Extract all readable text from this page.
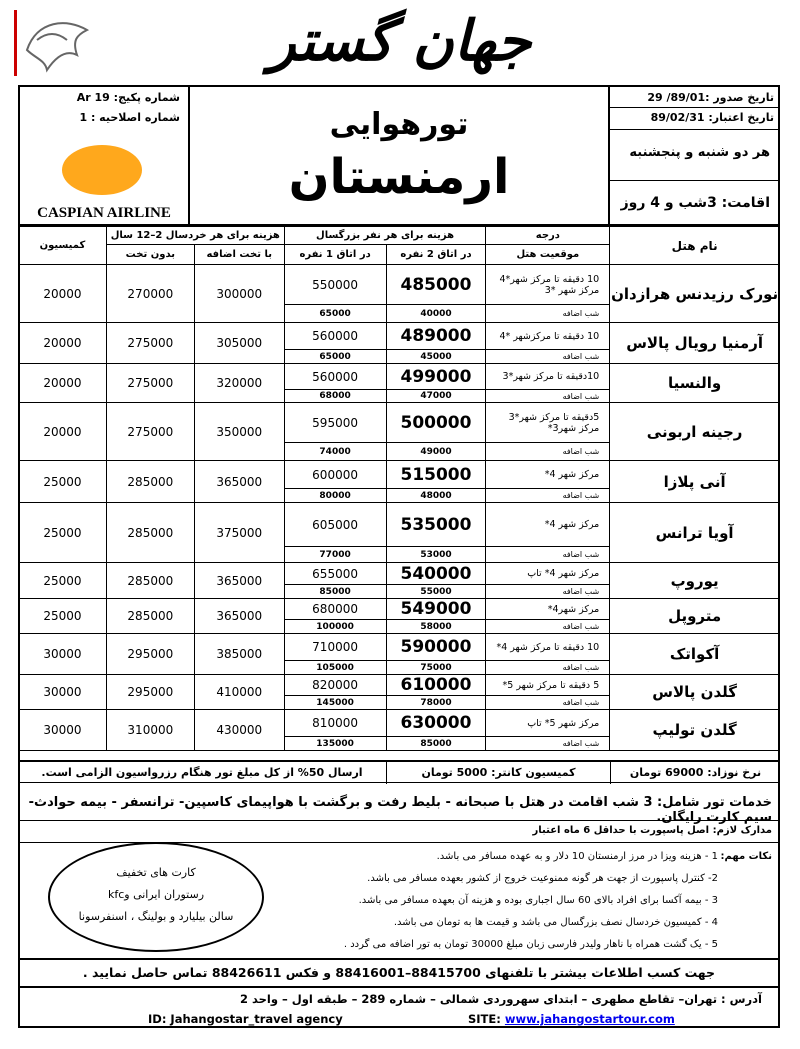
جهان گستر
شماره پکیج: Ar 19
شماره اصلاحیه : 1
CASPIAN AIRLINE
تورهوایی
ارمنستان
تاریخ صدور :89/01/ 29
تاریخ اعتبار: 89/02/31
هر دو شنبه و پنجشنبه
اقامت: 3شب و 4 روز
کمیسیون	هزینه برای هر خردسال 2–12 سال		هزینه برای هر نفر بزرگسال		درجه	نام هتل
	بدون تخت	با تخت اضافه	در اتاق 1 نفره	در اتاق 2 نفره	موقعیت هتل	
20000	270000	300000	550000	485000	10 دقیقه تا مرکز شهر*4 مرکز شهر *3	نورک رزیدنس هرازدان
			65000	40000	شب اضافه	
20000	275000	305000	560000	489000	10 دقیقه تا مرکزشهر *4	آرمنیا رویال پالاس
			65000	45000	شب اضافه	
20000	275000	320000	560000	499000	10دقیقه تا مرکز شهر*3	والنسیا
			68000	47000	شب اضافه	
20000	275000	350000	595000	500000	5دقیقه تا مرکز شهر*3 مرکز شهر3*	رجینه اربونی
			74000	49000	شب اضافه	
25000	285000	365000	600000	515000	مرکز شهر 4*	آنی پلازا
			80000	48000	شب اضافه	
25000	285000	375000	605000	535000	مرکز شهر 4*	آویا ترانس
			77000	53000	شب اضافه	
25000	285000	365000	655000	540000	مرکز شهر 4* تاپ	یوروپ
			85000	55000	شب اضافه	
25000	285000	365000	680000	549000	مرکز شهر4*	متروپل
			100000	58000	شب اضافه	
30000	295000	385000	710000	590000	10 دقیقه تا مرکز شهر 4*	آکواتک
			105000	75000	شب اضافه	
30000	295000	410000	820000	610000	5 دقیقه تا مرکز شهر 5*	گلدن پالاس
			145000	78000	شب اضافه	
30000	310000	430000	810000	630000	مرکز شهر 5* تاپ	گلدن تولیپ
			135000	85000	شب اضافه	
نرخ نوزاد: 69000 تومان
کمیسیون کانتر: 5000 تومان
ارسال 50% از کل مبلغ تور هنگام رزرواسیون الزامی است.
خدمات تور شامل: 3 شب اقامت در هتل با صبحانه - بلیط رفت و برگشت با هواپیمای کاسپین- ترانسفر - بیمه حوادث- سیم کارت رایگان.
مدارک لازم: اصل پاسپورت با حداقل 6 ماه اعتبار
نکات مهم:
1 - هزینه ویزا در مرز ارمنستان 10 دلار و به عهده مسافر می باشد.
2- کنترل پاسپورت از جهت هر گونه ممنوعیت خروج از کشور بعهده مسافر می باشد.
3 - بیمه آکسا برای افراد بالای 60 سال اجباری بوده و هزینه آن بعهده مسافر می باشد.
4 - کمیسیون خردسال نصف بزرگسال می باشد و قیمت ها به تومان می باشد.
5 - یک گشت همراه با ناهار ولیدر فارسی زبان مبلغ 30000 تومان به تور اضافه می گردد .
کارت های تخفیف
رستوران ایرانی وkfc
سالن بیلیارد و بولینگ ، اسنفرسونا
جهت کسب اطلاعات بیشتر با تلفنهای 88415700–88416001 و فکس 88426611 تماس حاصل نمایید .
آدرس : تهران– تقاطع مطهری – ابتدای سهروردی شمالی – شماره 289 – طبقه اول – واحد 2
ID: Jahangostar_travel agency	SITE: www.jahangostartour.com
